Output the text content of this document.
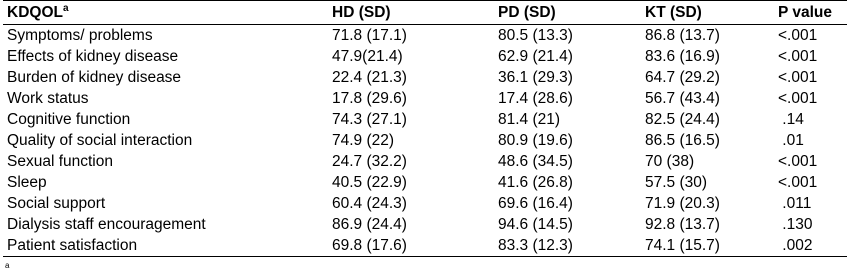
KDQOL$^a$	HD (SD)	PD (SD)	KT (SD)	P value
Symptoms/ problems	71.8 (17.1)	80.5 (13.3)	86.8 (13.7)	<.001
Effects of kidney disease	47.9(21.4)	62.9 (21.4)	83.6 (16.9)	<.001
Burden of kidney disease	22.4 (21.3)	36.1 (29.3)	64.7 (29.2)	<.001
Work status	17.8 (29.6)	17.4 (28.6)	56.7 (43.4)	<.001
Cognitive function	74.3 (27.1)	81.4 (21)	82.5 (24.4)	.14
Quality of social interaction	74.9 (22)	80.9 (19.6)	86.5 (16.5)	.01
Sexual function	24.7 (32.2)	48.6 (34.5)	70 (38)	<.001
Sleep	40.5 (22.9)	41.6 (26.8)	57.5 (30)	<.001
Social support	60.4 (24.3)	69.6 (16.4)	71.9 (20.3)	.011
Dialysis staff encouragement	86.9 (24.4)	94.6 (14.5)	92.8 (13.7)	.130
Patient satisfaction	69.8 (17.6)	83.3 (12.3)	74.1 (15.7)	.002
a
